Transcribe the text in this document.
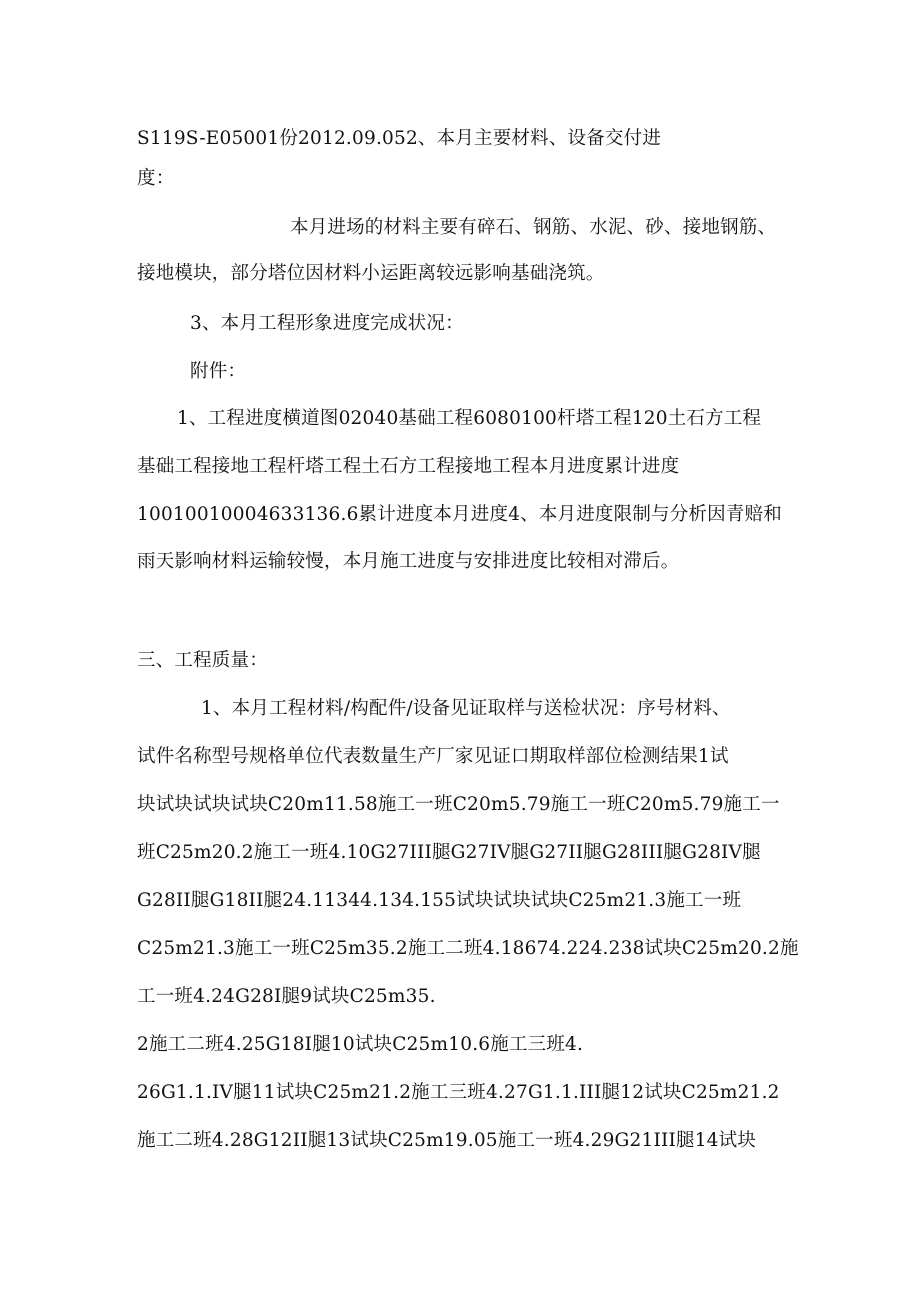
S119S-E05001份2012.09.052、本月主要材料、设备交付进
度：
本月进场的材料主要有碎石、钢筋、水泥、砂、接地钢筋、
接地模块，部分塔位因材料小运距离较远影响基础浇筑。
3、本月工程形象进度完成状况：
附件：
1、工程进度横道图02040基础工程6080100杆塔工程120土石方工程
基础工程接地工程杆塔工程土石方工程接地工程本月进度累计进度
10010010004633136.6累计进度本月进度4、本月进度限制与分析因青赔和
雨天影响材料运输较慢，本月施工进度与安排进度比较相对滞后。
三、工程质量：
1、本月工程材料/构配件/设备见证取样与送检状况：序号材料、
试件名称型号规格单位代表数量生产厂家见证口期取样部位检测结果1试
块试块试块试块C20m11.58施工一班C20m5.79施工一班C20m5.79施工一
班C25m20.2施工一班4.10G27III腿G27IV腿G27II腿G28III腿G28IV腿
G28II腿G18II腿24.11344.134.155试块试块试块C25m21.3施工一班
C25m21.3施工一班C25m35.2施工二班4.18674.224.238试块C25m20.2施
工一班4.24G28I腿9试块C25m35.
2施工二班4.25G18I腿10试块C25m10.6施工三班4.
26G1.1.IV腿11试块C25m21.2施工三班4.27G1.1.III腿12试块C25m21.2
施工二班4.28G12II腿13试块C25m19.05施工一班4.29G21III腿14试块
